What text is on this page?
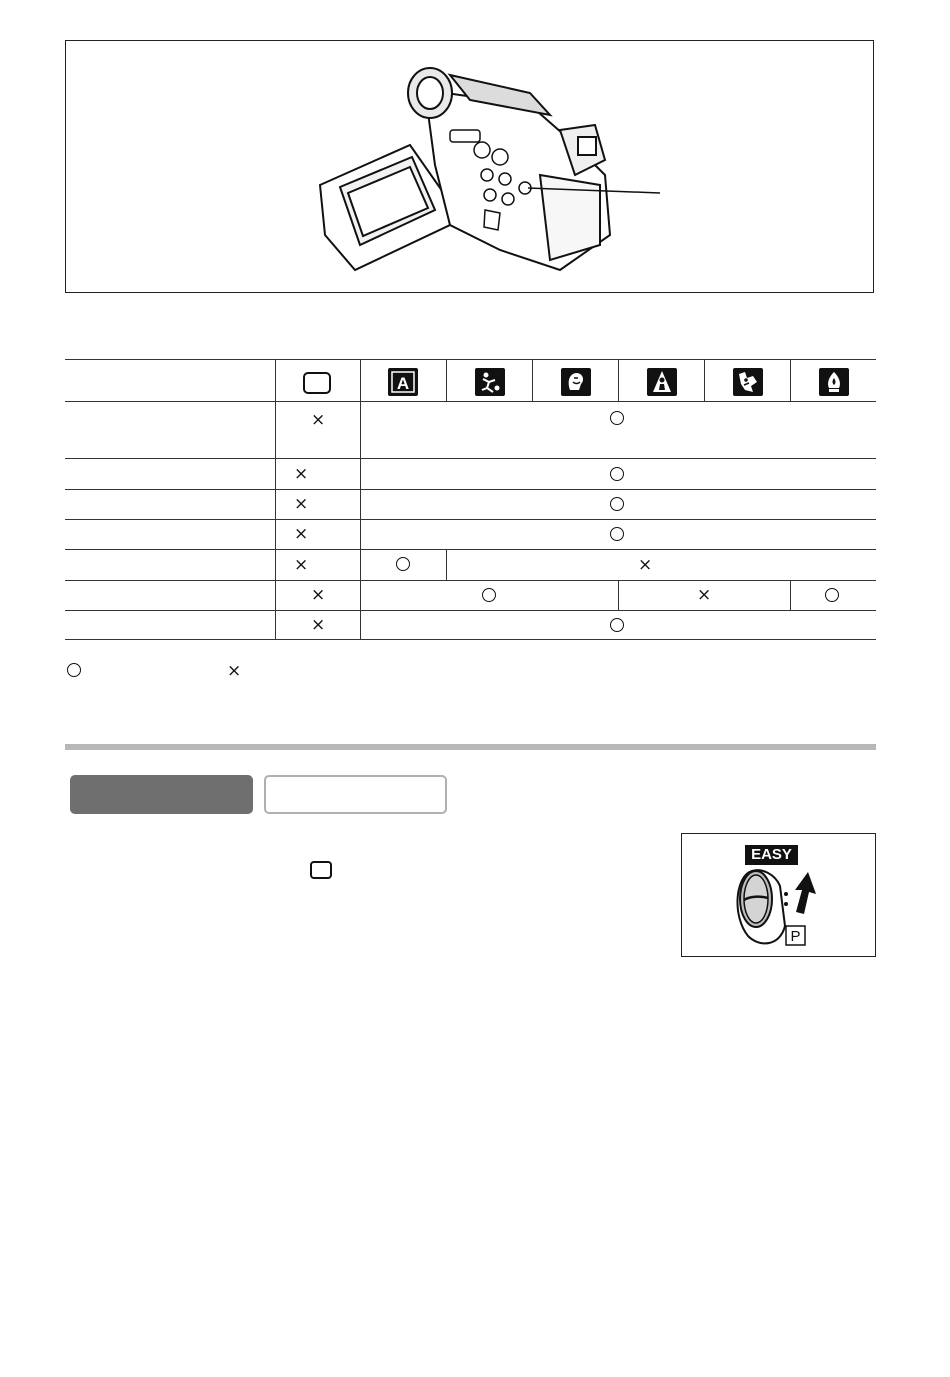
A
×
×
×
×
×	×
×	×
×
×
EASY
P
